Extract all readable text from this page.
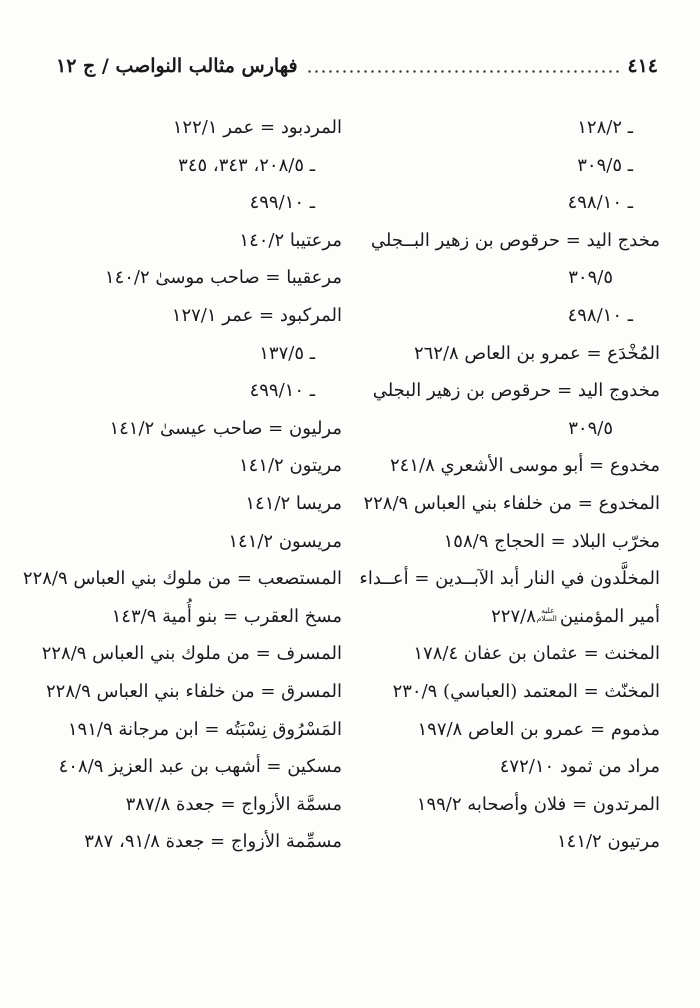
٤١٤
فهارس مثالب النواصب / ج ١٢
ـ ١٢٨/٢
ـ ٣٠٩/٥
ـ ٤٩٨/١٠
مخدج اليد = حرقوص بن زهير البــجلي
٣٠٩/٥
ـ ٤٩٨/١٠
المُخْدَع = عمرو بن العاص ٢٦٢/٨
مخدوج اليد = حرقوص بن زهير البجلي
٣٠٩/٥
مخدوع = أبو موسى الأشعري ٢٤١/٨
المخدوع = من خلفاء بني العباس ٢٢٨/٩
مخرّب البلاد = الحجاج ١٥٨/٩
المخلَّدون في النار أبد الآبــدين = أعــداء
أمير المؤمنينعليه السلام٢٢٧/٨
المخنث = عثمان بن عفان ١٧٨/٤
المخنّث = المعتمد (العباسي) ٢٣٠/٩
مذموم = عمرو بن العاص ١٩٧/٨
مراد من ثمود ٤٧٢/١٠
المرتدون = فلان وأصحابه ١٩٩/٢
مرتيون ١٤١/٢
المردبود = عمر ١٢٢/١
ـ ٢٠٨/٥، ٣٤٣، ٣٤٥
ـ ٤٩٩/١٠
مرعتيبا ١٤٠/٢
مرعقيبا = صاحب موسىٰ ١٤٠/٢
المركبود = عمر ١٢٧/١
ـ ١٣٧/٥
ـ ٤٩٩/١٠
مرليون = صاحب عيسىٰ ١٤١/٢
مريتون ١٤١/٢
مريسا ١٤١/٢
مريسون ١٤١/٢
المستصعب = من ملوك بني العباس ٢٢٨/٩
مسخ العقرب = بنو أُمية ١٤٣/٩
المسرف = من ملوك بني العباس ٢٢٨/٩
المسرق = من خلفاء بني العباس ٢٢٨/٩
المَسْرُوق نِسْبَتُه = ابن مرجانة ١٩١/٩
مسكين = أشهب بن عبد العزيز ٤٠٨/٩
مسمَّة الأزواج = جعدة ٣٨٧/٨
مسمِّمة الأزواج = جعدة ٩١/٨، ٣٨٧
